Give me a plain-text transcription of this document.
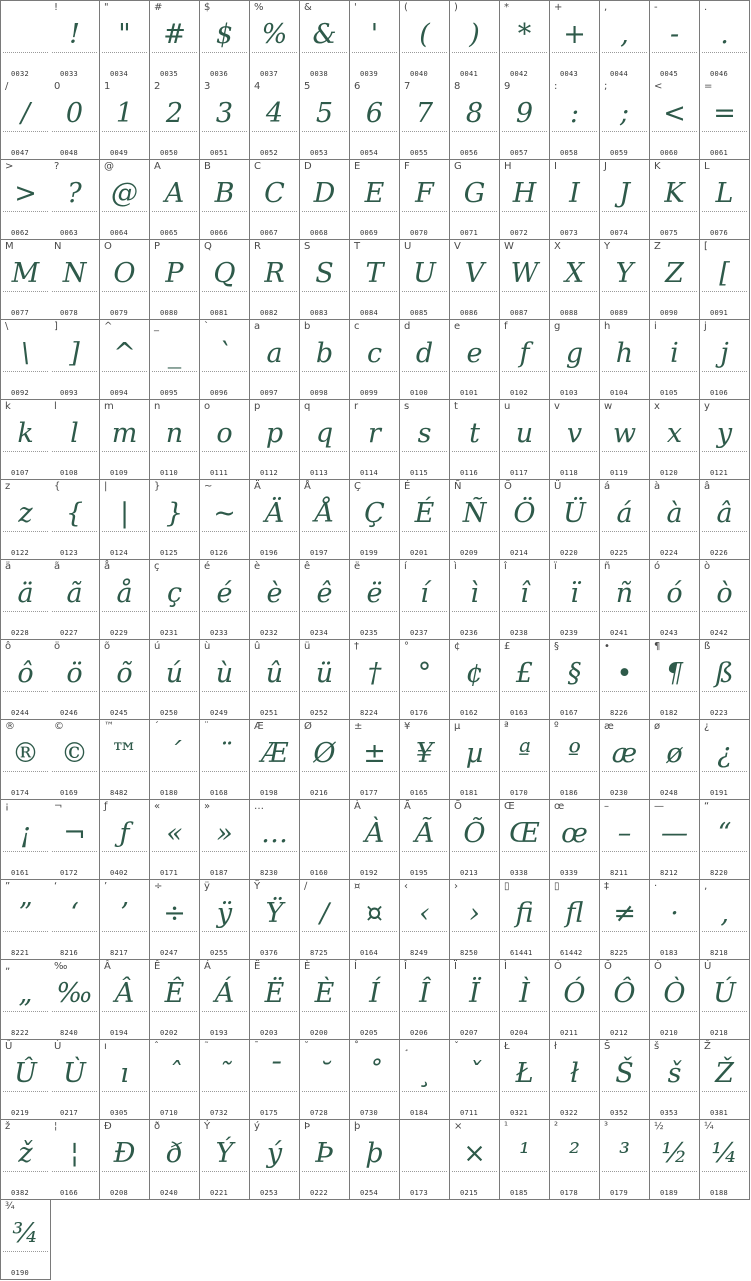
0032
!
!
0033
"
"
0034
#
#
0035
$
$
0036
%
%
0037
&
&
0038
'
'
0039
(
(
0040
)
)
0041
*
*
0042
+
+
0043
,
,
0044
-
-
0045
.
.
0046
/
/
0047
0
0
0048
1
1
0049
2
2
0050
3
3
0051
4
4
0052
5
5
0053
6
6
0054
7
7
0055
8
8
0056
9
9
0057
:
:
0058
;
;
0059
<
<
0060
=
=
0061
>
>
0062
?
?
0063
@
@
0064
A
A
0065
B
B
0066
C
C
0067
D
D
0068
E
E
0069
F
F
0070
G
G
0071
H
H
0072
I
I
0073
J
J
0074
K
K
0075
L
L
0076
M
M
0077
N
N
0078
O
O
0079
P
P
0080
Q
Q
0081
R
R
0082
S
S
0083
T
T
0084
U
U
0085
V
V
0086
W
W
0087
X
X
0088
Y
Y
0089
Z
Z
0090
[
[
0091
\
\
0092
]
]
0093
^
^
0094
_
_
0095
`
`
0096
a
a
0097
b
b
0098
c
c
0099
d
d
0100
e
e
0101
f
f
0102
g
g
0103
h
h
0104
i
i
0105
j
j
0106
k
k
0107
l
l
0108
m
m
0109
n
n
0110
o
o
0111
p
p
0112
q
q
0113
r
r
0114
s
s
0115
t
t
0116
u
u
0117
v
v
0118
w
w
0119
x
x
0120
y
y
0121
z
z
0122
{
{
0123
|
|
0124
}
}
0125
~
~
0126
Ä
Ä
0196
Å
Å
0197
Ç
Ç
0199
É
É
0201
Ñ
Ñ
0209
Ö
Ö
0214
Ü
Ü
0220
á
á
0225
à
à
0224
â
â
0226
ä
ä
0228
ã
ã
0227
å
å
0229
ç
ç
0231
é
é
0233
è
è
0232
ê
ê
0234
ë
ë
0235
í
í
0237
ì
ì
0236
î
î
0238
ï
ï
0239
ñ
ñ
0241
ó
ó
0243
ò
ò
0242
ô
ô
0244
ö
ö
0246
õ
õ
0245
ú
ú
0250
ù
ù
0249
û
û
0251
ü
ü
0252
†
†
8224
°
°
0176
¢
¢
0162
£
£
0163
§
§
0167
•
•
8226
¶
¶
0182
ß
ß
0223
®
®
0174
©
©
0169
™
™
8482
´
´
0180
¨
¨
0168
Æ
Æ
0198
Ø
Ø
0216
±
±
0177
¥
¥
0165
µ
µ
0181
ª
ª
0170
º
º
0186
æ
æ
0230
ø
ø
0248
¿
¿
0191
¡
¡
0161
¬
¬
0172
ƒ
ƒ
0402
«
«
0171
»
»
0187
…
…
8230	0160
À
À
0192
Ã
Ã
0195
Õ
Õ
0213
Œ
Œ
0338
œ
œ
0339
–
–
8211
—
—
8212
“
“
8220
”
”
8221
‘
‘
8216
’
’
8217
÷
÷
0247
ÿ
ÿ
0255
Ÿ
Ÿ
0376
∕
∕
8725
¤
¤
0164
‹
‹
8249
›
›
8250
▯
fi
61441
▯
fl
61442
‡
≠
8225
·
·
0183
‚
‚
8218
„
„
8222
‰
‰
8240
Â
Â
0194
Ê
Ê
0202
Á
Á
0193
Ë
Ë
0203
È
È
0200
Í
Í
0205
Î
Î
0206
Ï
Ï
0207
Ì
Ì
0204
Ó
Ó
0211
Ô
Ô
0212
Ò
Ò
0210
Ú
Ú
0218
Û
Û
0219
Ù
Ù
0217
ı
ı
0305
ˆ
ˆ
0710
˜
˜
0732
¯
¯
0175
˘
˘
0728
˚
˚
0730
¸
¸
0184
ˇ
ˇ
0711
Ł
Ł
0321
ł
ł
0322
Š
Š
0352
š
š
0353
Ž
Ž
0381
ž
ž
0382
¦
¦
0166
Ð
Ð
0208
ð
ð
0240
Ý
Ý
0221
ý
ý
0253
Þ
Þ
0222
þ
þ
0254	0173
×
×
0215
¹
¹
0185
²
²
0178
³
³
0179
½
½
0189
¼
¼
0188
¾
¾
0190
